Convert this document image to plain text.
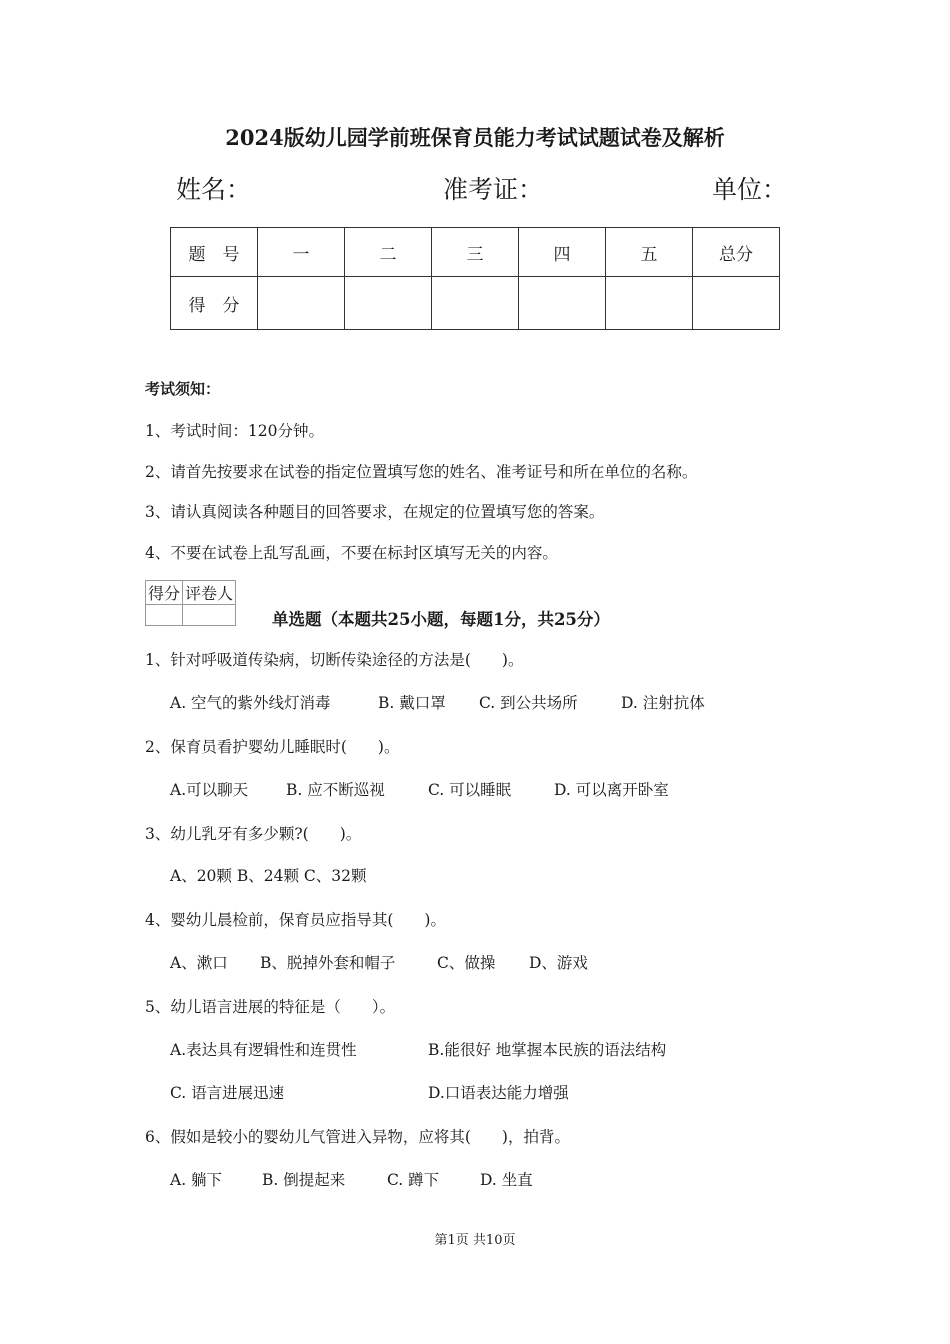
2024版幼儿园学前班保育员能力考试试题试卷及解析
姓名：	准考证：	单位：
题　号	一	二	三	四	五	总分
得　分						
考试须知：
1、考试时间：120分钟。
2、请首先按要求在试卷的指定位置填写您的姓名、准考证号和所在单位的名称。
3、请认真阅读各种题目的回答要求，在规定的位置填写您的答案。
4、不要在试卷上乱写乱画，不要在标封区填写无关的内容。
得分	评卷人

单选题（本题共25小题，每题1分，共25分）
1、针对呼吸道传染病，切断传染途径的方法是(　　)。
A. 空气的紫外线灯消毒	B. 戴口罩 C. 到公共场所	D. 注射抗体
2、保育员看护婴幼儿睡眠时(　　)。
A.可以聊天 B. 应不断巡视	C. 可以睡眠	D. 可以离开卧室
3、幼儿乳牙有多少颗?(　　)。
A、20颗 B、24颗 C、32颗
4、婴幼儿晨检前，保育员应指导其(　　)。
A、漱口 B、脱掉外套和帽子	C、做操 D、游戏
5、幼儿语言进展的特征是（　　）。
A.表达具有逻辑性和连贯性	B.能很好 地掌握本民族的语法结构
C. 语言进展迅速	D.口语表达能力增强
6、假如是较小的婴幼儿气管进入异物，应将其(　　)，拍背。
A. 躺下	B. 倒提起来	C. 蹲下	D. 坐直
第1页 共10页
